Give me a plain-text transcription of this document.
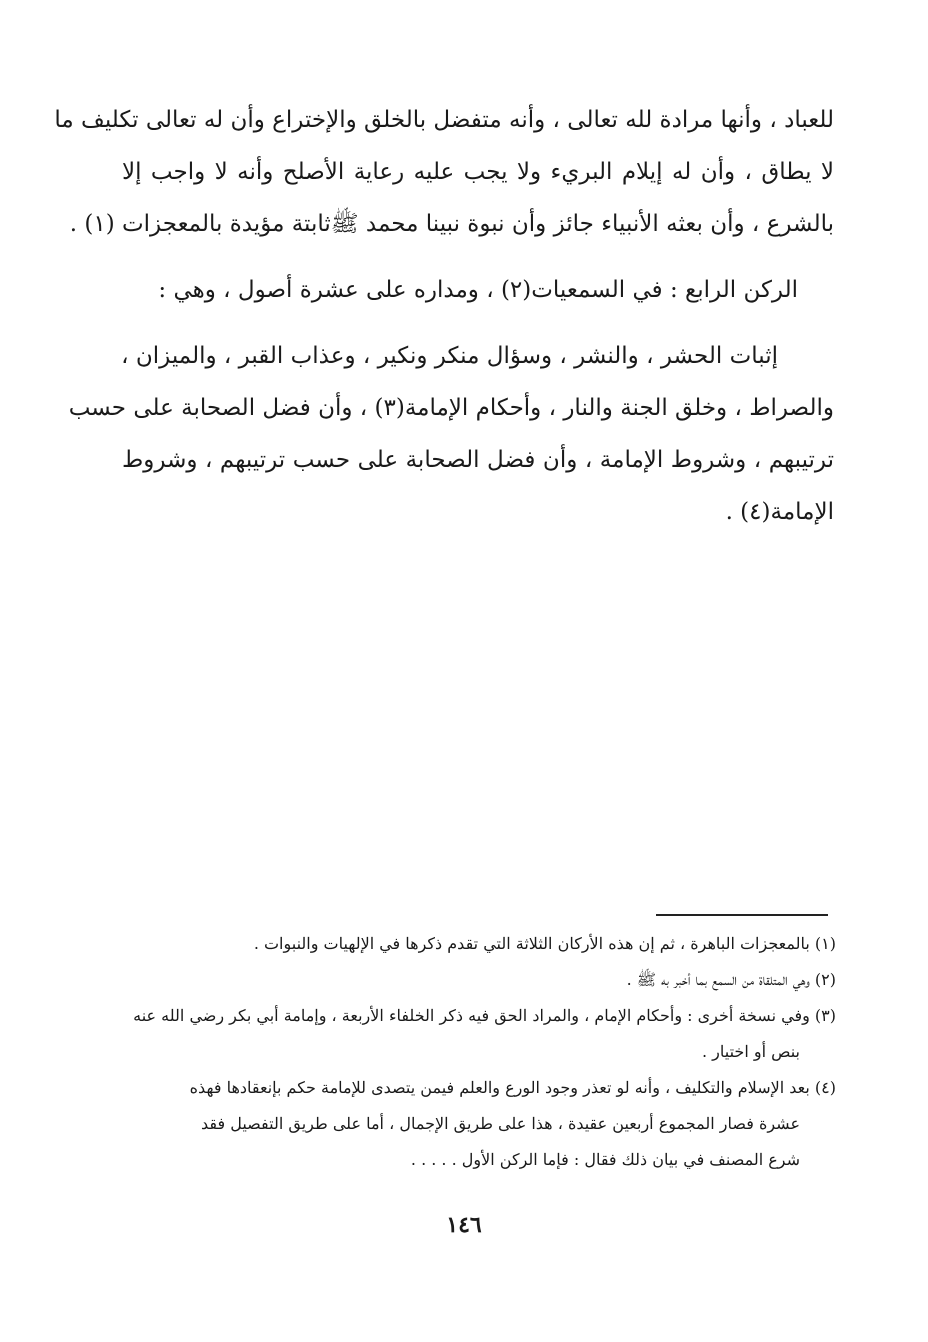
للعباد ، وأنها مرادة لله تعالى ، وأنه متفضل بالخلق والإختراع وأن له تعالى تكليف ما
لا يطاق ، وأن له إيلام البريء ولا يجب عليه رعاية الأصلح وأنه لا واجب إلا
بالشرع ، وأن بعثه الأنبياء جائز وأن نبوة نبينا محمد ﷺثابتة مؤيدة بالمعجزات (١) .

الركن الرابع : في السمعيات(٢) ، ومداره على عشرة أصول ، وهي :

إثبات الحشر ، والنشر ، وسؤال منكر ونكير ، وعذاب القبر ، والميزان ،
والصراط ، وخلق الجنة والنار ، وأحكام الإمامة(٣) ، وأن فضل الصحابة على حسب
ترتيبهم ، وشروط الإمامة ، وأن فضل الصحابة على حسب ترتيبهم ، وشروط
الإمامة(٤) .

(١) بالمعجزات الباهرة ، ثم إن هذه الأركان الثلاثة التي تقدم ذكرها في الإلهيات والنبوات .

(٢) وهي المتلقاة من السمع بما أخبر به ﷺ .

(٣) وفي نسخة أخرى : وأحكام الإمام ، والمراد الحق فيه ذكر الخلفاء الأربعة ، وإمامة أبي بكر رضي الله عنه
بنص أو اختيار .

(٤) بعد الإسلام والتكليف ، وأنه لو تعذر وجود الورع والعلم فيمن يتصدى للإمامة حكم بإنعقادها فهذه
عشرة فصار المجموع أربعين عقيدة ، هذا على طريق الإجمال ، أما على طريق التفصيل فقد
شرع المصنف في بيان ذلك فقال : فإما الركن الأول . . . . .

١٤٦
